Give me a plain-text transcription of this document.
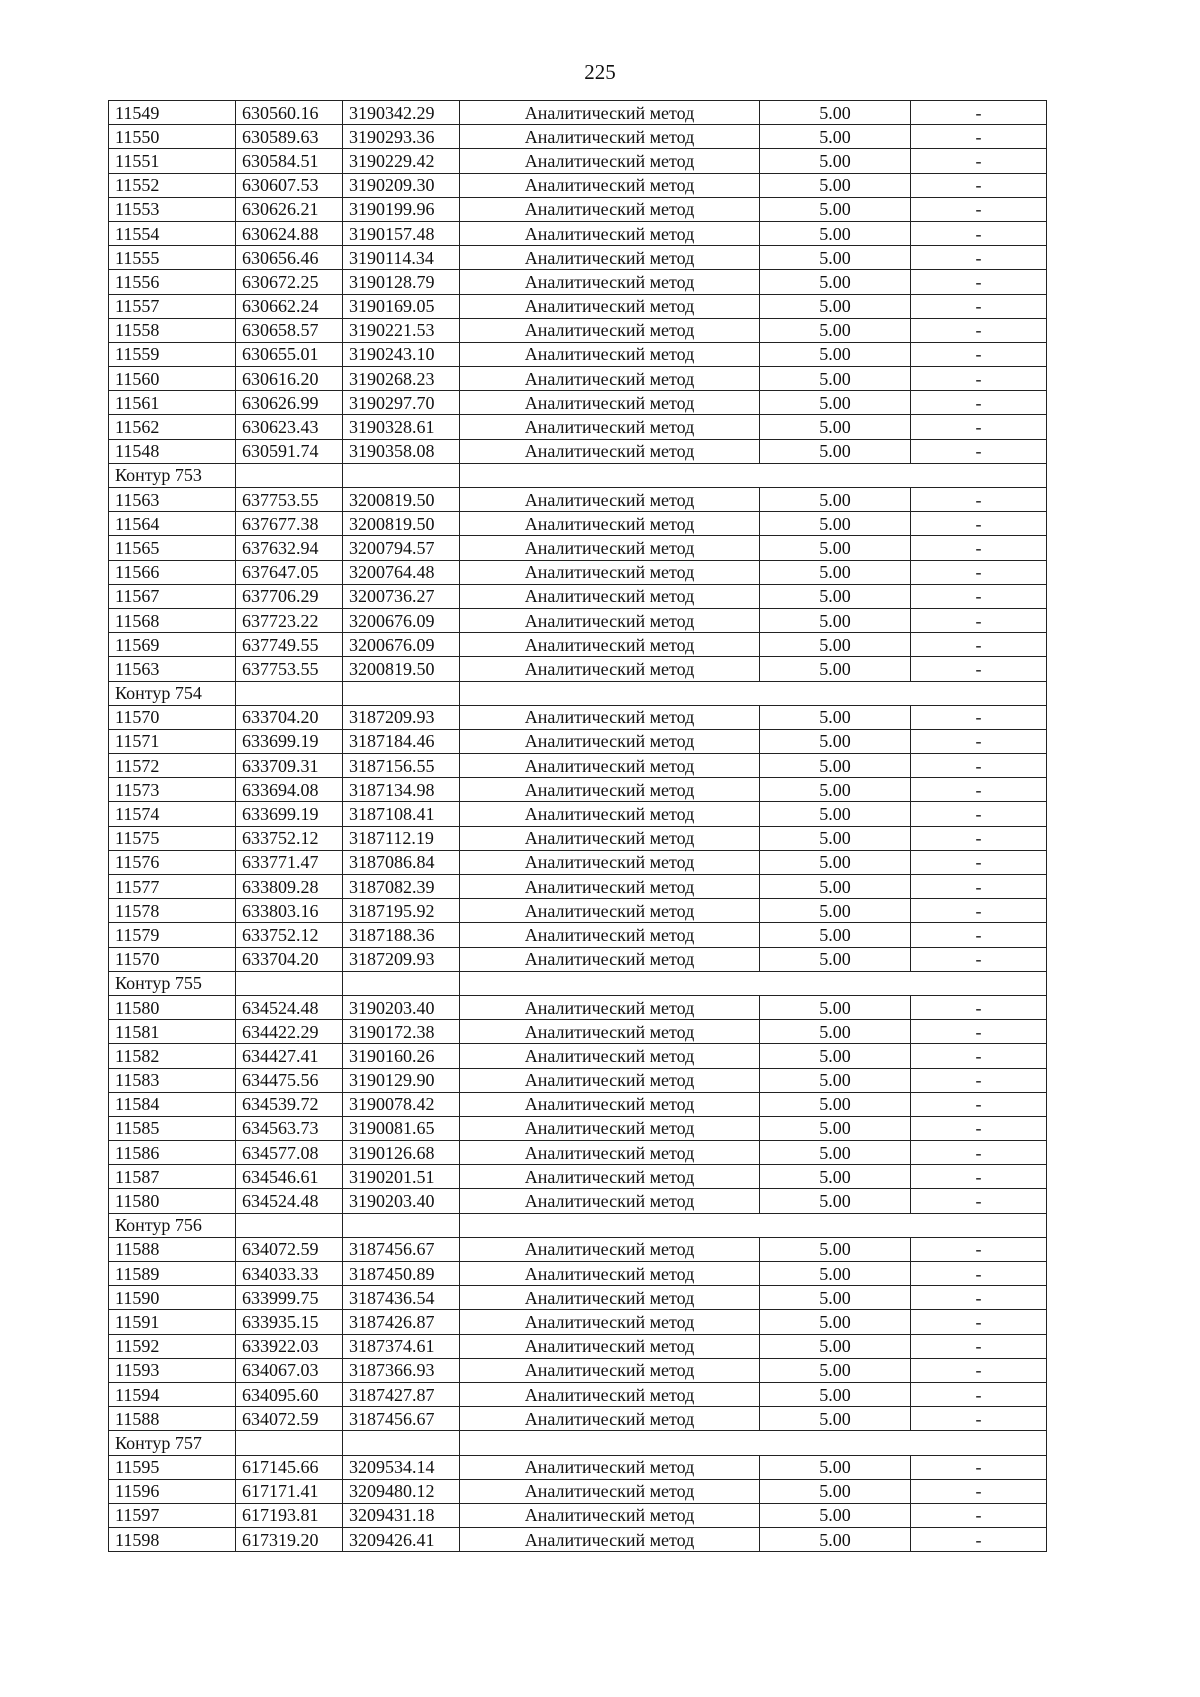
225
11549	630560.16	3190342.29	Аналитический метод	5.00	-
11550	630589.63	3190293.36	Аналитический метод	5.00	-
11551	630584.51	3190229.42	Аналитический метод	5.00	-
11552	630607.53	3190209.30	Аналитический метод	5.00	-
11553	630626.21	3190199.96	Аналитический метод	5.00	-
11554	630624.88	3190157.48	Аналитический метод	5.00	-
11555	630656.46	3190114.34	Аналитический метод	5.00	-
11556	630672.25	3190128.79	Аналитический метод	5.00	-
11557	630662.24	3190169.05	Аналитический метод	5.00	-
11558	630658.57	3190221.53	Аналитический метод	5.00	-
11559	630655.01	3190243.10	Аналитический метод	5.00	-
11560	630616.20	3190268.23	Аналитический метод	5.00	-
11561	630626.99	3190297.70	Аналитический метод	5.00	-
11562	630623.43	3190328.61	Аналитический метод	5.00	-
11548	630591.74	3190358.08	Аналитический метод	5.00	-
Контур 753					
11563	637753.55	3200819.50	Аналитический метод	5.00	-
11564	637677.38	3200819.50	Аналитический метод	5.00	-
11565	637632.94	3200794.57	Аналитический метод	5.00	-
11566	637647.05	3200764.48	Аналитический метод	5.00	-
11567	637706.29	3200736.27	Аналитический метод	5.00	-
11568	637723.22	3200676.09	Аналитический метод	5.00	-
11569	637749.55	3200676.09	Аналитический метод	5.00	-
11563	637753.55	3200819.50	Аналитический метод	5.00	-
Контур 754					
11570	633704.20	3187209.93	Аналитический метод	5.00	-
11571	633699.19	3187184.46	Аналитический метод	5.00	-
11572	633709.31	3187156.55	Аналитический метод	5.00	-
11573	633694.08	3187134.98	Аналитический метод	5.00	-
11574	633699.19	3187108.41	Аналитический метод	5.00	-
11575	633752.12	3187112.19	Аналитический метод	5.00	-
11576	633771.47	3187086.84	Аналитический метод	5.00	-
11577	633809.28	3187082.39	Аналитический метод	5.00	-
11578	633803.16	3187195.92	Аналитический метод	5.00	-
11579	633752.12	3187188.36	Аналитический метод	5.00	-
11570	633704.20	3187209.93	Аналитический метод	5.00	-
Контур 755					
11580	634524.48	3190203.40	Аналитический метод	5.00	-
11581	634422.29	3190172.38	Аналитический метод	5.00	-
11582	634427.41	3190160.26	Аналитический метод	5.00	-
11583	634475.56	3190129.90	Аналитический метод	5.00	-
11584	634539.72	3190078.42	Аналитический метод	5.00	-
11585	634563.73	3190081.65	Аналитический метод	5.00	-
11586	634577.08	3190126.68	Аналитический метод	5.00	-
11587	634546.61	3190201.51	Аналитический метод	5.00	-
11580	634524.48	3190203.40	Аналитический метод	5.00	-
Контур 756					
11588	634072.59	3187456.67	Аналитический метод	5.00	-
11589	634033.33	3187450.89	Аналитический метод	5.00	-
11590	633999.75	3187436.54	Аналитический метод	5.00	-
11591	633935.15	3187426.87	Аналитический метод	5.00	-
11592	633922.03	3187374.61	Аналитический метод	5.00	-
11593	634067.03	3187366.93	Аналитический метод	5.00	-
11594	634095.60	3187427.87	Аналитический метод	5.00	-
11588	634072.59	3187456.67	Аналитический метод	5.00	-
Контур 757					
11595	617145.66	3209534.14	Аналитический метод	5.00	-
11596	617171.41	3209480.12	Аналитический метод	5.00	-
11597	617193.81	3209431.18	Аналитический метод	5.00	-
11598	617319.20	3209426.41	Аналитический метод	5.00	-
